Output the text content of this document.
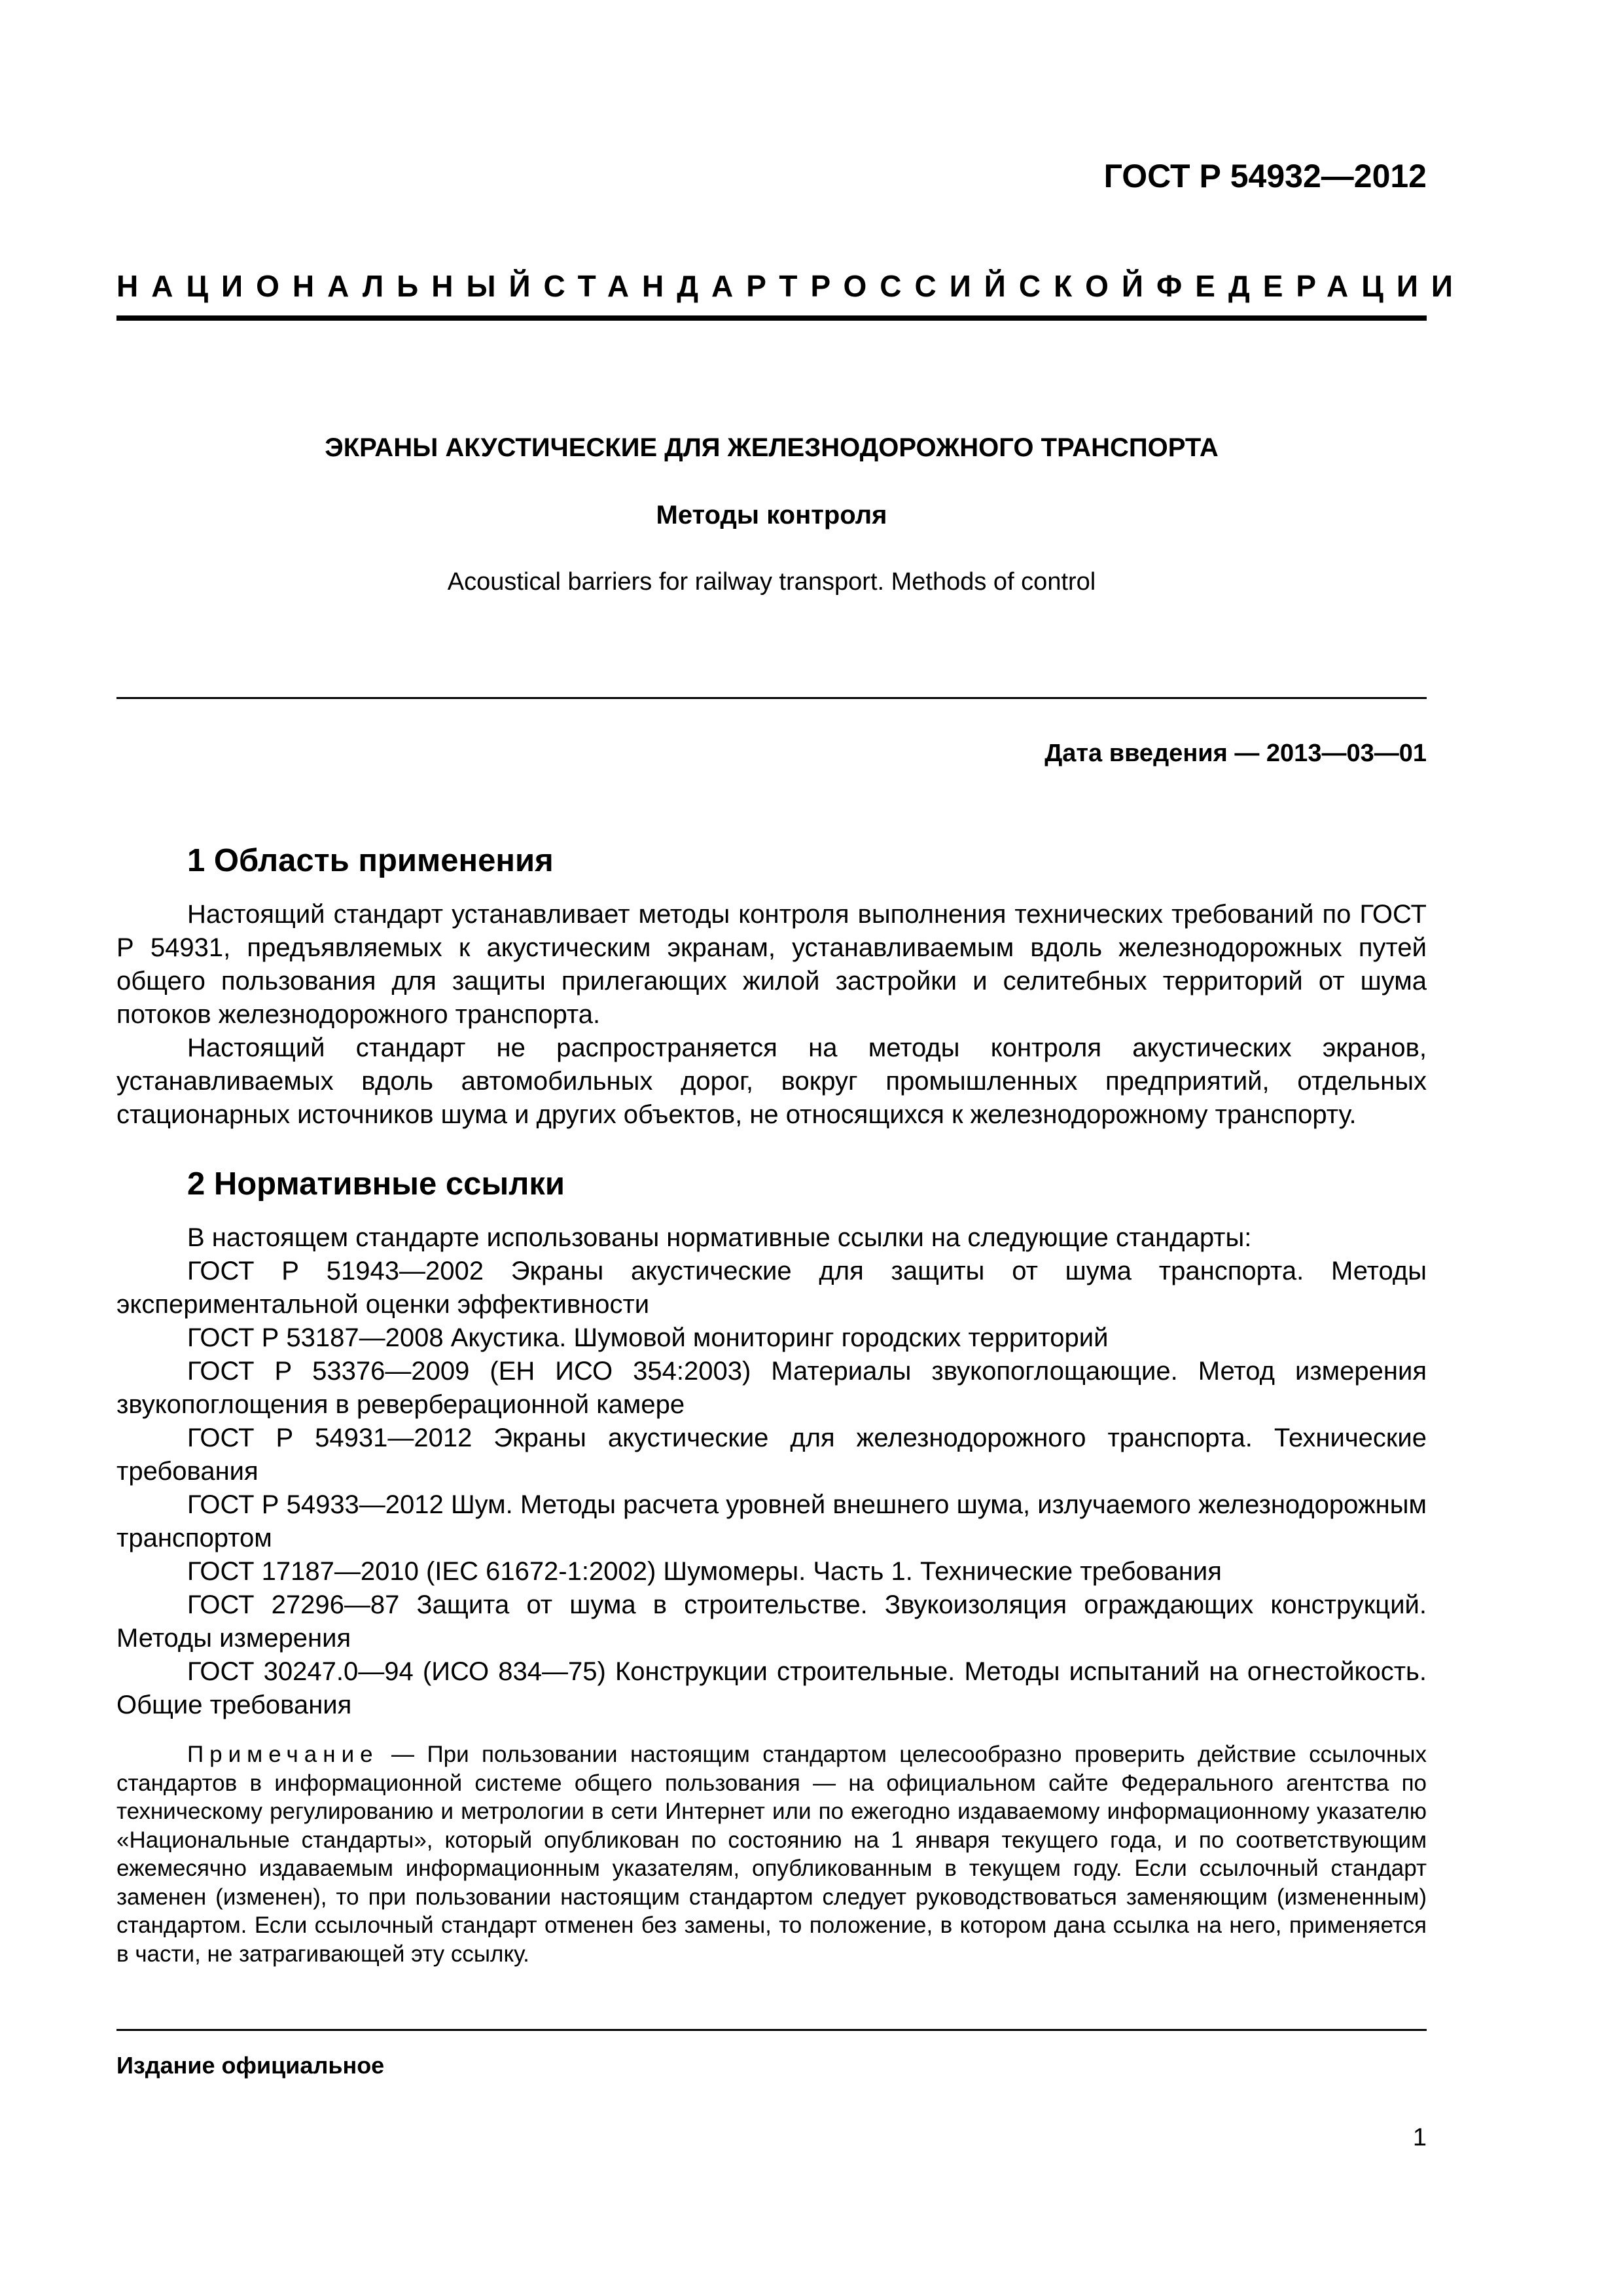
ГОСТ Р 54932—2012
НАЦИОНАЛЬНЫЙ СТАНДАРТ РОССИЙСКОЙ ФЕДЕРАЦИИ
ЭКРАНЫ АКУСТИЧЕСКИЕ ДЛЯ ЖЕЛЕЗНОДОРОЖНОГО ТРАНСПОРТА
Методы контроля
Acoustical barriers for railway transport. Methods of control
Дата введения — 2013—03—01
1 Область применения

Настоящий стандарт устанавливает методы контроля выполнения технических требований по ГОСТ Р 54931, предъявляемых к акустическим экранам, устанавливаемым вдоль железнодорожных путей общего пользования для защиты прилегающих жилой застройки и селитебных территорий от шума потоков железнодорожного транспорта.

Настоящий стандарт не распространяется на методы контроля акустических экранов, устанавливаемых вдоль автомобильных дорог, вокруг промышленных предприятий, отдельных стационарных источников шума и других объектов, не относящихся к железнодорожному транспорту.

2 Нормативные ссылки

В настоящем стандарте использованы нормативные ссылки на следующие стандарты:

ГОСТ Р 51943—2002 Экраны акустические для защиты от шума транспорта. Методы экспериментальной оценки эффективности

ГОСТ Р 53187—2008 Акустика. Шумовой мониторинг городских территорий

ГОСТ Р 53376—2009 (ЕН ИСО 354:2003) Материалы звукопоглощающие. Метод измерения звукопоглощения в реверберационной камере

ГОСТ Р 54931—2012 Экраны акустические для железнодорожного транспорта. Технические требования

ГОСТ Р 54933—2012 Шум. Методы расчета уровней внешнего шума, излучаемого железнодорожным транспортом

ГОСТ 17187—2010 (IEC 61672-1:2002) Шумомеры. Часть 1. Технические требования

ГОСТ 27296—87 Защита от шума в строительстве. Звукоизоляция ограждающих конструкций. Методы измерения

ГОСТ 30247.0—94 (ИСО 834—75) Конструкции строительные. Методы испытаний на огнестойкость. Общие требования

Примечание — При пользовании настоящим стандартом целесообразно проверить действие ссылочных стандартов в информационной системе общего пользования — на официальном сайте Федерального агентства по техническому регулированию и метрологии в сети Интернет или по ежегодно издаваемому информационному указателю «Национальные стандарты», который опубликован по состоянию на 1 января текущего года, и по соответствующим ежемесячно издаваемым информационным указателям, опубликованным в текущем году. Если ссылочный стандарт заменен (изменен), то при пользовании настоящим стандартом следует руководствоваться заменяющим (измененным) стандартом. Если ссылочный стандарт отменен без замены, то положение, в котором дана ссылка на него, применяется в части, не затрагивающей эту ссылку.

Издание официальное
1
